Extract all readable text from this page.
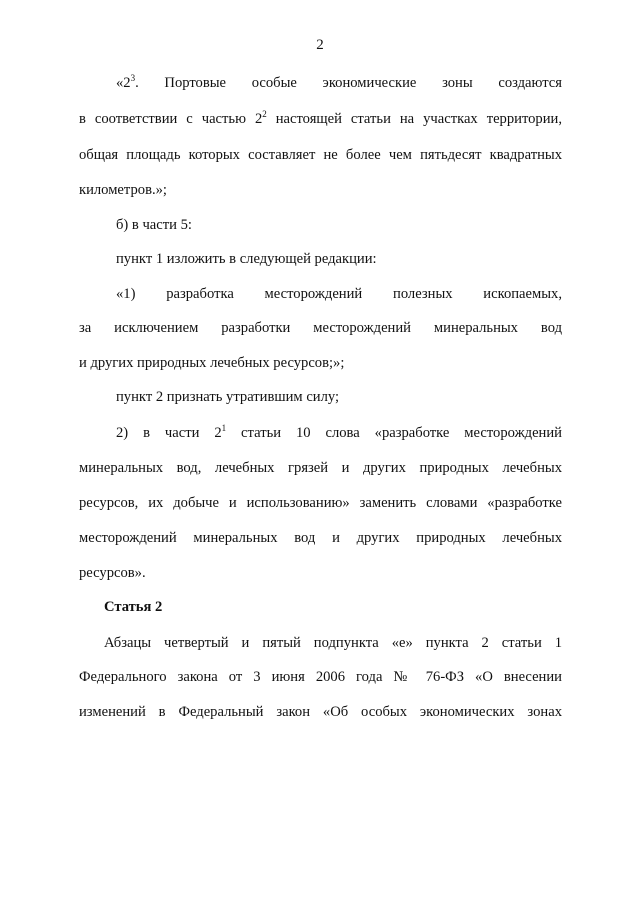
2
«$2^3$. Портовые особые экономические зоны создаются
в соответствии с частью $2^2$ настоящей статьи на участках территории,
общая площадь которых составляет не более чем пятьдесят квадратных
километров.»;
б) в части 5:
пункт 1 изложить в следующей редакции:
«1) разработка месторождений полезных ископаемых,
за исключением разработки месторождений минеральных вод
и других природных лечебных ресурсов;»;
пункт 2 признать утратившим силу;
2) в части $2^1$ статьи 10 слова «разработке месторождений
минеральных вод, лечебных грязей и других природных лечебных
ресурсов, их добыче и использованию» заменить словами «разработке
месторождений минеральных вод и других природных лечебных
ресурсов».
Статья 2
Абзацы четвертый и пятый подпункта «е» пункта 2 статьи 1
Федерального закона от 3 июня 2006 года № 76-ФЗ «О внесении
изменений в Федеральный закон «Об особых экономических зонах
